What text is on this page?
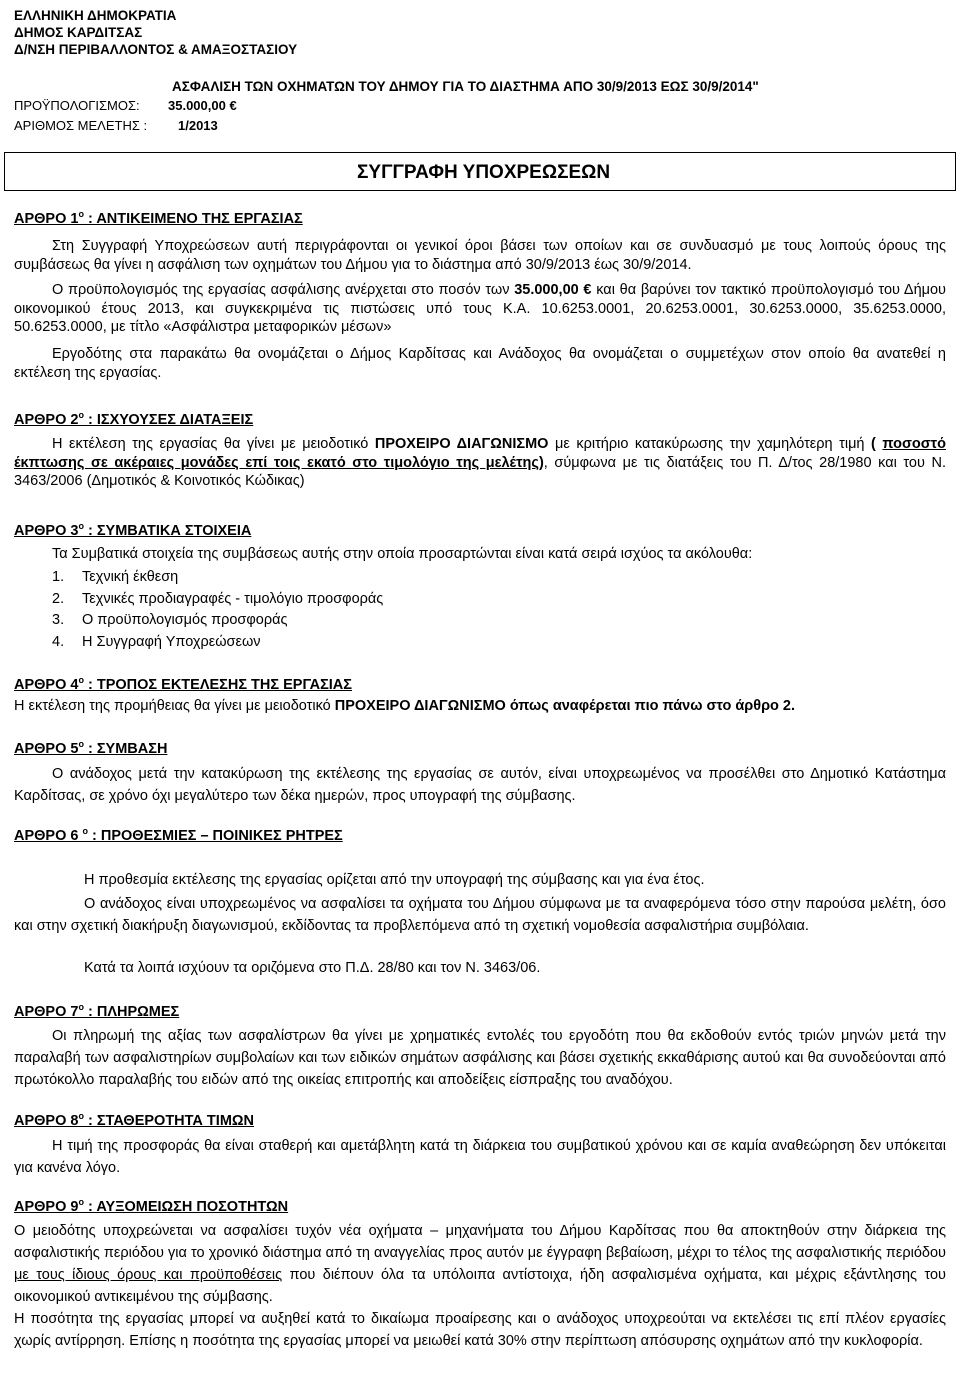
ΕΛΛΗΝΙΚΗ ΔΗΜΟΚΡΑΤΙΑ
ΔΗΜΟΣ ΚΑΡΔΙΤΣΑΣ
Δ/ΝΣΗ ΠΕΡΙΒΑΛΛΟΝΤΟΣ & ΑΜΑΞΟΣΤΑΣΙΟΥ
ΑΣΦΑΛΙΣΗ ΤΩΝ ΟΧΗΜΑΤΩΝ ΤΟΥ ΔΗΜΟΥ ΓΙΑ ΤΟ ΔΙΑΣΤΗΜΑ ΑΠΟ 30/9/2013 ΕΩΣ 30/9/2014"
ΠΡΟΫΠΟΛΟΓΙΣΜΟΣ: 35.000,00 €
ΑΡΙΘΜΟΣ ΜΕΛΕΤΗΣ : 1/2013
ΣΥΓΓΡΑΦΗ ΥΠΟΧΡΕΩΣΕΩΝ
ΑΡΘΡΟ $1^o$ : ΑΝΤΙΚΕΙΜΕΝΟ ΤΗΣ ΕΡΓΑΣΙΑΣ

Στη Συγγραφή Υποχρεώσεων αυτή περιγράφονται οι γενικοί όροι βάσει των οποίων και σε συνδυασμό με τους λοιπούς όρους της συμβάσεως θα γίνει η ασφάλιση των οχημάτων του Δήμου για το διάστημα από 30/9/2013 έως 30/9/2014.

Ο προϋπολογισμός της εργασίας ασφάλισης ανέρχεται στο ποσόν των 35.000,00 € και θα βαρύνει τον τακτικό προϋπολογισμό του Δήμου οικονομικού έτους 2013, και συγκεκριμένα τις πιστώσεις υπό τους Κ.Α. 10.6253.0001, 20.6253.0001, 30.6253.0000, 35.6253.0000, 50.6253.0000, με τίτλο «Ασφάλιστρα μεταφορικών μέσων»

Εργοδότης στα παρακάτω θα ονομάζεται ο Δήμος Καρδίτσας και Ανάδοχος θα ονομάζεται ο συμμετέχων στον οποίο θα ανατεθεί η εκτέλεση της εργασίας.

ΑΡΘΡΟ $2^o$ : ΙΣΧΥΟΥΣΕΣ ΔΙΑΤΑΞΕΙΣ

Η εκτέλεση της εργασίας θα γίνει με μειοδοτικό ΠΡΟΧΕΙΡΟ ΔΙΑΓΩΝΙΣΜΟ με κριτήριο κατακύρωσης την χαμηλότερη τιμή ( ποσοστό έκπτωσης σε ακέραιες μονάδες επί τοις εκατό στο τιμολόγιο της μελέτης), σύμφωνα με τις διατάξεις του Π. Δ/τος 28/1980 και του Ν. 3463/2006 (Δημοτικός & Κοινοτικός Κώδικας)

ΑΡΘΡΟ $3^o$ : ΣΥΜΒΑΤΙΚΑ ΣΤΟΙΧΕΙΑ

Τα Συμβατικά στοιχεία της συμβάσεως αυτής στην οποία προσαρτώνται είναι κατά σειρά ισχύος τα ακόλουθα:

1. Τεχνική έκθεση
2. Τεχνικές προδιαγραφές - τιμολόγιο προσφοράς
3. Ο προϋπολογισμός προσφοράς
4. Η Συγγραφή Υποχρεώσεων
ΑΡΘΡΟ $4^o$ : ΤΡΟΠΟΣ ΕΚΤΕΛΕΣΗΣ ΤΗΣ ΕΡΓΑΣΙΑΣ

Η εκτέλεση της προμήθειας θα γίνει με μειοδοτικό ΠΡΟΧΕΙΡΟ ΔΙΑΓΩΝΙΣΜΟ όπως αναφέρεται πιο πάνω στο άρθρο 2.

ΑΡΘΡΟ $5^o$ : ΣΥΜΒΑΣΗ

Ο ανάδοχος μετά την κατακύρωση της εκτέλεσης της εργασίας σε αυτόν, είναι υποχρεωμένος να προσέλθει στο Δημοτικό Κατάστημα Καρδίτσας, σε χρόνο όχι μεγαλύτερο των δέκα ημερών, προς υπογραφή της σύμβασης.

ΑΡΘΡΟ 6 $^o$ : ΠΡΟΘΕΣΜΙΕΣ – ΠΟΙΝΙΚΕΣ ΡΗΤΡΕΣ

Η προθεσμία εκτέλεσης της εργασίας ορίζεται από την υπογραφή της σύμβασης και για ένα έτος.

Ο ανάδοχος είναι υποχρεωμένος να ασφαλίσει τα οχήματα του Δήμου σύμφωνα με τα αναφερόμενα τόσο στην παρούσα μελέτη, όσο και στην σχετική διακήρυξη διαγωνισμού, εκδίδοντας τα προβλεπόμενα από τη σχετική νομοθεσία ασφαλιστήρια συμβόλαια.

Κατά τα λοιπά ισχύουν τα οριζόμενα στο Π.Δ. 28/80 και τον Ν. 3463/06.

ΑΡΘΡΟ $7^o$ : ΠΛΗΡΩΜΕΣ

Οι πληρωμή της αξίας των ασφαλίστρων θα γίνει με χρηματικές εντολές του εργοδότη που θα εκδοθούν εντός τριών μηνών μετά την παραλαβή των ασφαλιστηρίων συμβολαίων και των ειδικών σημάτων ασφάλισης και βάσει σχετικής εκκαθάρισης αυτού και θα συνοδεύονται από πρωτόκολλο παραλαβής του ειδών από της οικείας επιτροπής και αποδείξεις είσπραξης του αναδόχου.

ΑΡΘΡΟ $8^o$ : ΣΤΑΘΕΡΟΤΗΤΑ ΤΙΜΩΝ

Η τιμή της προσφοράς θα είναι σταθερή και αμετάβλητη κατά τη διάρκεια του συμβατικού χρόνου και σε καμία αναθεώρηση δεν υπόκειται για κανένα λόγο.

ΑΡΘΡΟ $9^o$ : ΑΥΞΟΜΕΙΩΣΗ ΠΟΣΟΤΗΤΩΝ

Ο μειοδότης υποχρεώνεται να ασφαλίσει τυχόν νέα οχήματα – μηχανήματα του Δήμου Καρδίτσας που θα αποκτηθούν στην διάρκεια της ασφαλιστικής περιόδου για το χρονικό διάστημα από τη αναγγελίας προς αυτόν με έγγραφη βεβαίωση, μέχρι το τέλος της ασφαλιστικής περιόδου με τους ίδιους όρους και προϋποθέσεις που διέπουν όλα τα υπόλοιπα αντίστοιχα, ήδη ασφαλισμένα οχήματα, και μέχρις εξάντλησης του οικονομικού αντικειμένου της σύμβασης.

Η ποσότητα της εργασίας μπορεί να αυξηθεί κατά το δικαίωμα προαίρεσης και ο ανάδοχος υποχρεούται να εκτελέσει τις επί πλέον εργασίες χωρίς αντίρρηση. Επίσης η ποσότητα της εργασίας μπορεί να μειωθεί κατά 30% στην περίπτωση απόσυρσης οχημάτων από την κυκλοφορία.
